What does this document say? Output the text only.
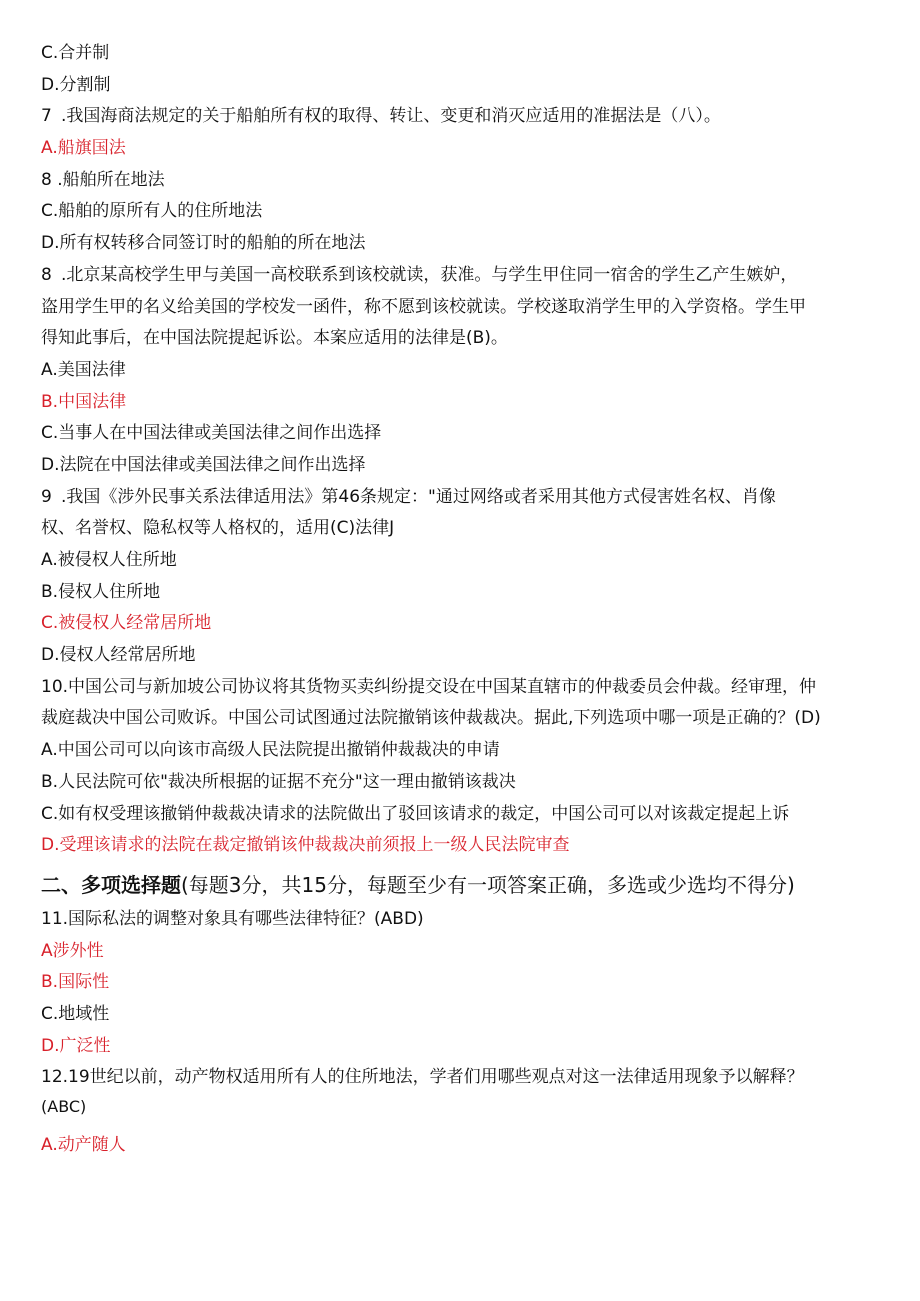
C.合并制
D.分割制
7 .我国海商法规定的关于船舶所有权的取得、转让、变更和消灭应适用的准据法是（八）。
A.船旗国法
8 .船舶所在地法
C.船舶的原所有人的住所地法
D.所有权转移合同签订时的船舶的所在地法
8 .北京某高校学生甲与美国一高校联系到该校就读，获准。与学生甲住同一宿舍的学生乙产生嫉妒，
盗用学生甲的名义给美国的学校发一函件，称不愿到该校就读。学校遂取消学生甲的入学资格。学生甲
得知此事后，在中国法院提起诉讼。本案应适用的法律是(B)。
A.美国法律
B.中国法律
C.当事人在中国法律或美国法律之间作出选择
D.法院在中国法律或美国法律之间作出选择
9 .我国《涉外民事关系法律适用法》第46条规定："通过网络或者采用其他方式侵害姓名权、肖像
权、名誉权、隐私权等人格权的，适用(C)法律J
A.被侵权人住所地
B.侵权人住所地
C.被侵权人经常居所地
D.侵权人经常居所地
10.中国公司与新加坡公司协议将其货物买卖纠纷提交设在中国某直辖市的仲裁委员会仲裁。经审理，仲
裁庭裁决中国公司败诉。中国公司试图通过法院撤销该仲裁裁决。据此,下列选项中哪一项是正确的？(D)
A.中国公司可以向该市高级人民法院提出撤销仲裁裁决的申请
B.人民法院可依"裁决所根据的证据不充分"这一理由撤销该裁决
C.如有权受理该撤销仲裁裁决请求的法院做出了驳回该请求的裁定，中国公司可以对该裁定提起上诉
D.受理该请求的法院在裁定撤销该仲裁裁决前须报上一级人民法院审查
二、多项选择题(每题3分，共15分，每题至少有一项答案正确，多选或少选均不得分)
11.国际私法的调整对象具有哪些法律特征？(ABD)
A涉外性
B.国际性
C.地域性
D.广泛性
12.19世纪以前，动产物权适用所有人的住所地法，学者们用哪些观点对这一法律适用现象予以解释？
(ABC)
A.动产随人
